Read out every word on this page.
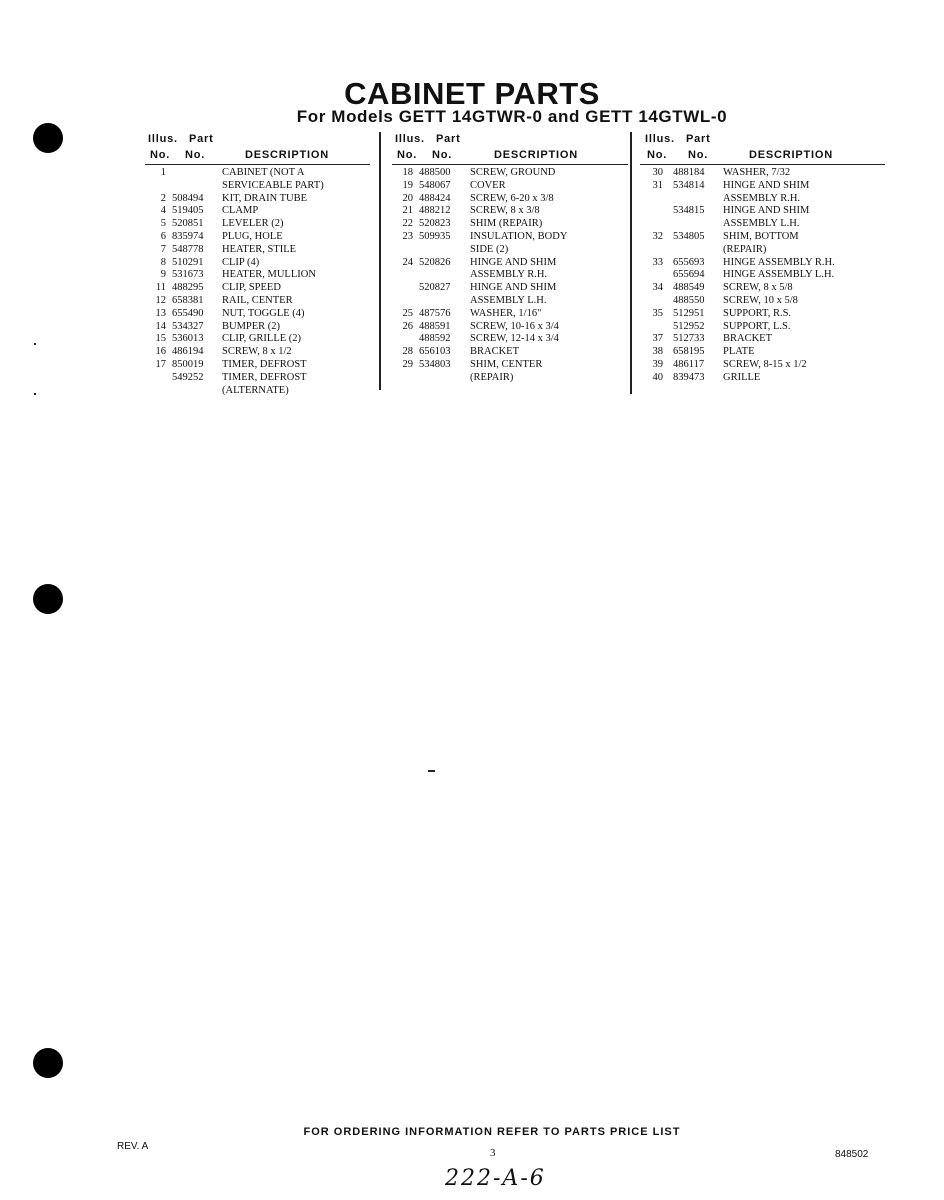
CABINET PARTS
For Models GETT 14GTWR-0 and GETT 14GTWL-0
Illus. Part
No. No.	DESCRIPTION
Illus. Part
No. No.	DESCRIPTION
Illus. Part
No. No.	DESCRIPTION
1	CABINET (NOT A
SERVICEABLE PART)
2 508494 KIT, DRAIN TUBE
4 519405 CLAMP
5 520851 LEVELER (2)
6 835974 PLUG, HOLE
7 548778 HEATER, STILE
8 510291 CLIP (4)
9 531673 HEATER, MULLION
11 488295 CLIP, SPEED
12 658381 RAIL, CENTER
13 655490 NUT, TOGGLE (4)
14 534327 BUMPER (2)
15 536013 CLIP, GRILLE (2)
16 486194 SCREW, 8 x 1/2
17 850019 TIMER, DEFROST
549252 TIMER, DEFROST
(ALTERNATE)
18 488500 SCREW, GROUND
19 548067 COVER
20 488424 SCREW, 6-20 x 3/8
21 488212 SCREW, 8 x 3/8
22 520823 SHIM (REPAIR)
23 509935 INSULATION, BODY
SIDE (2)
24 520826 HINGE AND SHIM
ASSEMBLY R.H.
520827 HINGE AND SHIM
ASSEMBLY L.H.
25 487576 WASHER, 1/16"
26 488591 SCREW, 10-16 x 3/4
488592 SCREW, 12-14 x 3/4
28 656103 BRACKET
29 534803 SHIM, CENTER
(REPAIR)
30 488184 WASHER, 7/32
31 534814 HINGE AND SHIM
ASSEMBLY R.H.
534815 HINGE AND SHIM
ASSEMBLY L.H.
32 534805 SHIM, BOTTOM
(REPAIR)
33 655693 HINGE ASSEMBLY R.H.
655694 HINGE ASSEMBLY L.H.
34 488549 SCREW, 8 x 5/8
488550 SCREW, 10 x 5/8
35 512951 SUPPORT, R.S.
512952 SUPPORT, L.S.
37 512733 BRACKET
38 658195 PLATE
39 486117 SCREW, 8-15 x 1/2
40 839473 GRILLE
FOR ORDERING INFORMATION REFER TO PARTS PRICE LIST
REV. A
3	848502
222-A-6
